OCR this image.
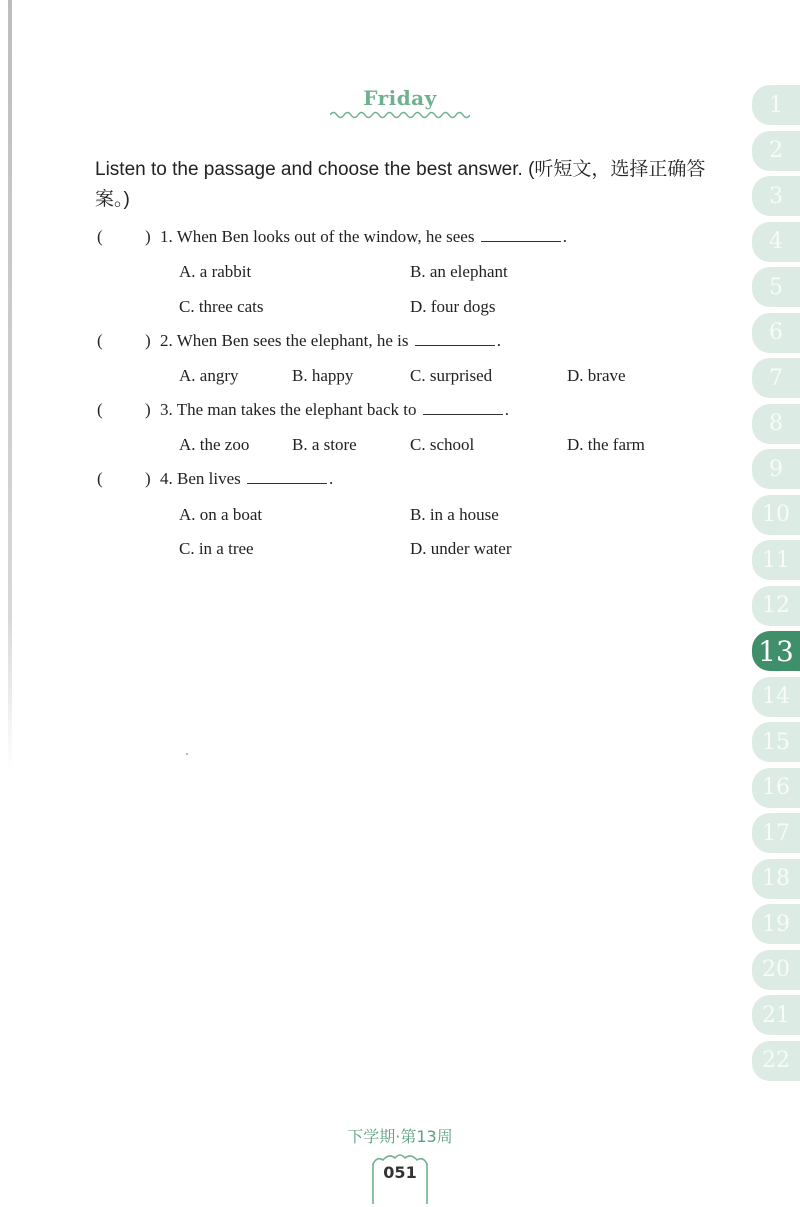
Friday
Listen to the passage and choose the best answer. (听短文，选择正确答案。)
( ) 1. When Ben looks out of the window, he sees	.
A. a rabbit	B. an elephant
C. three cats	D. four dogs
( ) 2. When Ben sees the elephant, he is	.
A. angry	B. happy	C. surprised	D. brave
( ) 3. The man takes the elephant back to	.
A. the zoo	B. a store	C. school	D. the farm
( ) 4. Ben lives	.
A. on a boat	B. in a house
C. in a tree	D. under water
1
2
3
4
5
6
7
8
9
10
11
12
13
14
15
16
17
18
19
20
21
22
下学期·第13周
051
